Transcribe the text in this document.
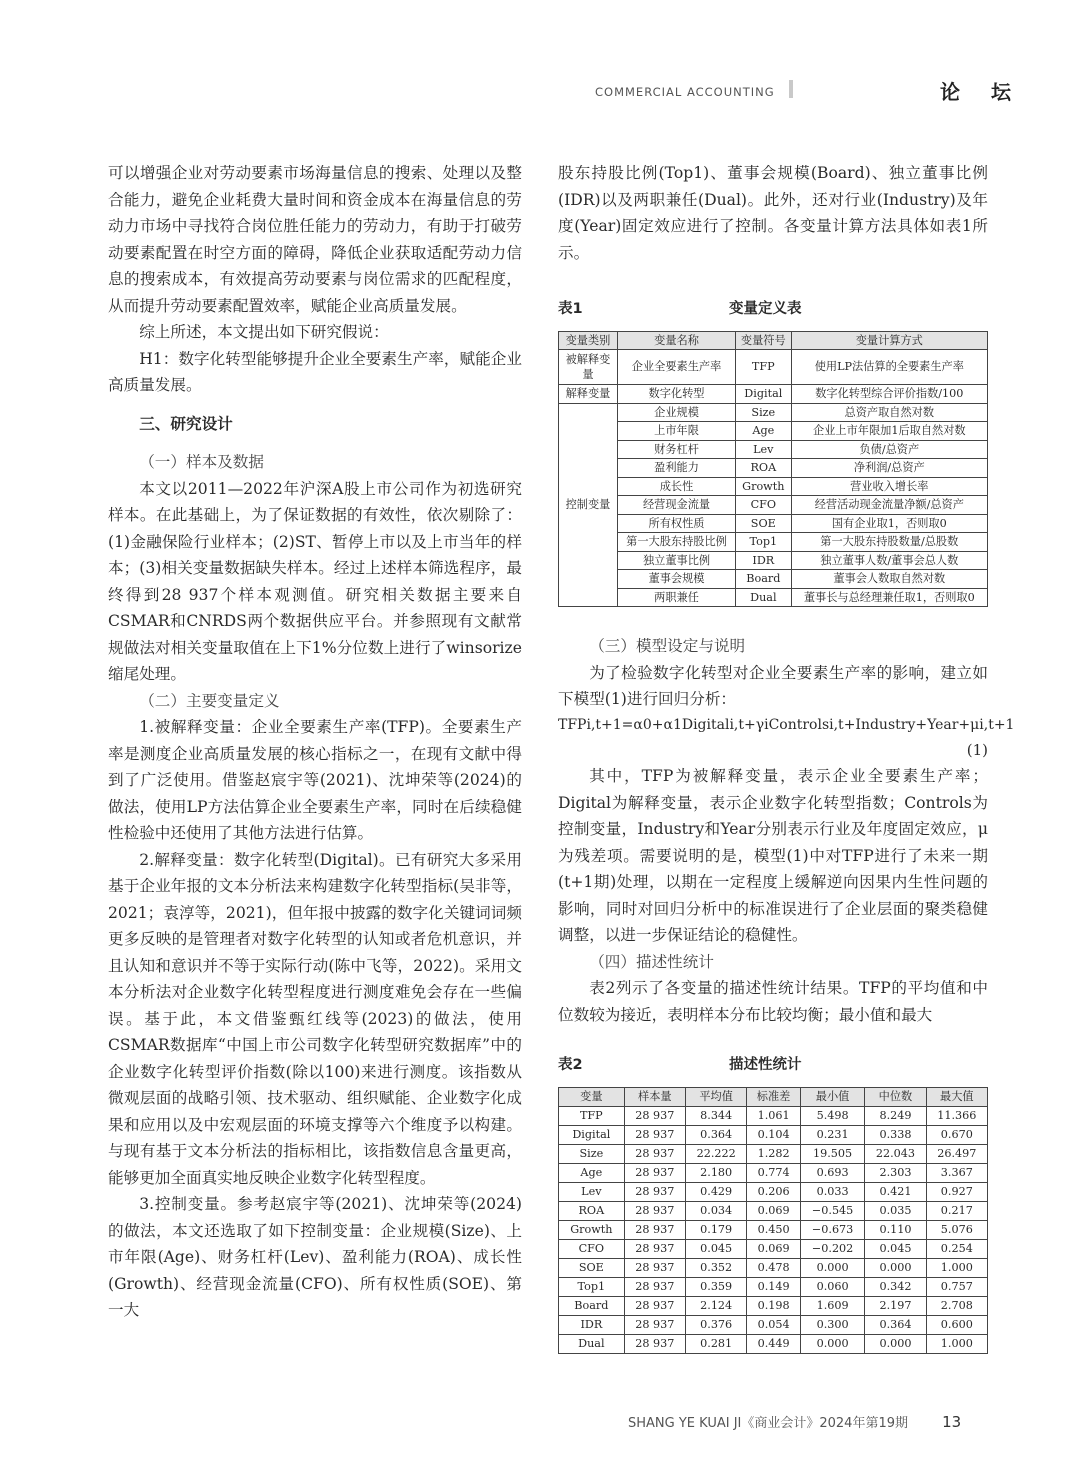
COMMERCIAL ACCOUNTING	论 坛

可以增强企业对劳动要素市场海量信息的搜索、处理以及整合能力，避免企业耗费大量时间和资金成本在海量信息的劳动力市场中寻找符合岗位胜任能力的劳动力，有助于打破劳动要素配置在时空方面的障碍，降低企业获取适配劳动力信息的搜索成本，有效提高劳动要素与岗位需求的匹配程度，从而提升劳动要素配置效率，赋能企业高质量发展。

综上所述，本文提出如下研究假说：

H1：数字化转型能够提升企业全要素生产率，赋能企业高质量发展。

三、研究设计

（一）样本及数据

本文以2011—2022年沪深A股上市公司作为初选研究样本。在此基础上，为了保证数据的有效性，依次剔除了：(1)金融保险行业样本；(2)ST、暂停上市以及上市当年的样本；(3)相关变量数据缺失样本。经过上述样本筛选程序，最终得到28 937个样本观测值。研究相关数据主要来自CSMAR和CNRDS两个数据供应平台。并参照现有文献常规做法对相关变量取值在上下1%分位数上进行了winsorize缩尾处理。

（二）主要变量定义

1.被解释变量：企业全要素生产率(TFP)。全要素生产率是测度企业高质量发展的核心指标之一，在现有文献中得到了广泛使用。借鉴赵宸宇等(2021)、沈坤荣等(2024)的做法，使用LP方法估算企业全要素生产率，同时在后续稳健性检验中还使用了其他方法进行估算。

2.解释变量：数字化转型(Digital)。已有研究大多采用基于企业年报的文本分析法来构建数字化转型指标(吴非等，2021；袁淳等，2021)，但年报中披露的数字化关键词词频更多反映的是管理者对数字化转型的认知或者危机意识，并且认知和意识并不等于实际行动(陈中飞等，2022)。采用文本分析法对企业数字化转型程度进行测度难免会存在一些偏误。基于此，本文借鉴甄红线等(2023)的做法，使用CSMAR数据库“中国上市公司数字化转型研究数据库”中的企业数字化转型评价指数(除以100)来进行测度。该指数从微观层面的战略引领、技术驱动、组织赋能、企业数字化成果和应用以及中宏观层面的环境支撑等六个维度予以构建。与现有基于文本分析法的指标相比，该指数信息含量更高，能够更加全面真实地反映企业数字化转型程度。

3.控制变量。参考赵宸宇等(2021)、沈坤荣等(2024)的做法，本文还选取了如下控制变量：企业规模(Size)、上市年限(Age)、财务杠杆(Lev)、盈利能力(ROA)、成长性(Growth)、经营现金流量(CFO)、所有权性质(SOE)、第一大

股东持股比例(Top1)、董事会规模(Board)、独立董事比例(IDR)以及两职兼任(Dual)。此外，还对行业(Industry)及年度(Year)固定效应进行了控制。各变量计算方法具体如表1所示。

表1	变量定义表
变量类别	变量名称	变量符号	变量计算方式
被解释变量	企业全要素生产率	TFP	使用LP法估算的全要素生产率
解释变量	数字化转型	Digital	数字化转型综合评价指数/100
控制变量	企业规模	Size	总资产取自然对数
	上市年限	Age	企业上市年限加1后取自然对数
	财务杠杆	Lev	负债/总资产
	盈利能力	ROA	净利润/总资产
	成长性	Growth	营业收入增长率
	经营现金流量	CFO	经营活动现金流量净额/总资产
	所有权性质	SOE	国有企业取1，否则取0
	第一大股东持股比例	Top1	第一大股东持股数量/总股数
	独立董事比例	IDR	独立董事人数/董事会总人数
	董事会规模	Board	董事会人数取自然对数
	两职兼任	Dual	董事长与总经理兼任取1，否则取0

（三）模型设定与说明

为了检验数字化转型对企业全要素生产率的影响，建立如下模型(1)进行回归分析：

TFPi,t+1=α0+α1Digitali,t+γiControlsi,t+Industry+Year+μi,t+1

(1)

其中，TFP为被解释变量，表示企业全要素生产率；Digital为解释变量，表示企业数字化转型指数；Controls为控制变量，Industry和Year分别表示行业及年度固定效应，μ为残差项。需要说明的是，模型(1)中对TFP进行了未来一期(t+1期)处理，以期在一定程度上缓解逆向因果内生性问题的影响，同时对回归分析中的标准误进行了企业层面的聚类稳健调整，以进一步保证结论的稳健性。

（四）描述性统计

表2列示了各变量的描述性统计结果。TFP的平均值和中位数较为接近，表明样本分布比较均衡；最小值和最大

表2	描述性统计
变量	样本量	平均值	标准差	最小值	中位数	最大值
TFP	28 937	8.344	1.061	5.498	8.249	11.366
Digital	28 937	0.364	0.104	0.231	0.338	0.670
Size	28 937	22.222	1.282	19.505	22.043	26.497
Age	28 937	2.180	0.774	0.693	2.303	3.367
Lev	28 937	0.429	0.206	0.033	0.421	0.927
ROA	28 937	0.034	0.069	−0.545	0.035	0.217
Growth	28 937	0.179	0.450	−0.673	0.110	5.076
CFO	28 937	0.045	0.069	−0.202	0.045	0.254
SOE	28 937	0.352	0.478	0.000	0.000	1.000
Top1	28 937	0.359	0.149	0.060	0.342	0.757
Board	28 937	2.124	0.198	1.609	2.197	2.708
IDR	28 937	0.376	0.054	0.300	0.364	0.600
Dual	28 937	0.281	0.449	0.000	0.000	1.000
SHANG YE KUAI JI《商业会计》2024年第19期 13
